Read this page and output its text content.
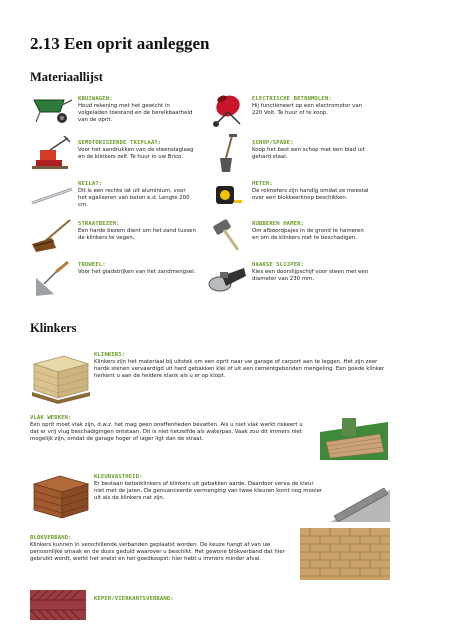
2.13 Een oprit aanleggen
Materiaallijst
KRUIWAGEN:
Houd rekening met het gewicht in volgeladen toestand en de bereikbaarheid van de oprit.
ELECTRISCHE BETONMOLEN:
Hij functioneert op een electromotor van 220 Volt. Te huur of te koop.
GEMOTORISEERDE TRIPLAAT:
Voor het aandrukken van de steenslaglaag en de klinkers zelf. Te huur in uw Brico.
SCHOP/SPADE:
Koop het best een schop met een blad uit gehard staal.
REILAT:
Dit is een rechte lat uit aluminium, voor het egaliseren van beton e.d. Lengte 200 cm.
METER:
De rolmeters zijn handig omdat ze meestal over een blokkeerknop beschikken.
STRAATBEZEM:
Een harde bezem dient om het zand tussen de klinkers te vegen.
RUBBEREN HAMER:
Om afboordpajes in de grond te hameren en om de klinkers niet te beschadigen.
TRUWEEL:
Voor het gladstrijken van het zandmengsel.
HAAKSE SLIJPER:
Kies een doorslijpschijf voor steen met een diameter van 230 mm.
Klinkers
KLINKERS:
Klinkers zijn het materiaal bij uitstek om een oprit naar uw garage of carport aan te leggen. Het zijn zeer harde stenen vervaardigd uit hard gebakken klei of uit een cementgebonden mengeling. Een goede klinker herkent u aan de heldere klank als u er op klopt.
VLAK WERKEN:
Een oprit moet vlak zijn, d.w.z. het mag geen oneffenheden bevatten. Als u niet vlak werkt riskeert u dat er vrij vlug beschadigingen ontstaan. Dit is niet hetzelfde als waterpas. Vaak zou dit immers niet mogelijk zijn, omdat de garage hoger of lager ligt dan de straat.
KLEURVASTHEID:
Er bestaan betonklinkers of klinkers uit gebakken aarde. Daardoor verva de kleur niet met de jaren. De genuanceerde vermenging van twee kleuren komt nog mooier uit als de klinkers nat zijn.
BLOKVERBAND:
Klinkers kunnen in verschillende verbanden geplaatst worden. De keuze hangt af van uw persoonlijke smaak en de dosis geduld waarover u beschikt. Het gewone blokverband dat hier gebruikt wordt, werkt het snelst en het goedkoopst: hier hebt u immers minder afval.
KEPER/VIERKANTSVERBAND:
